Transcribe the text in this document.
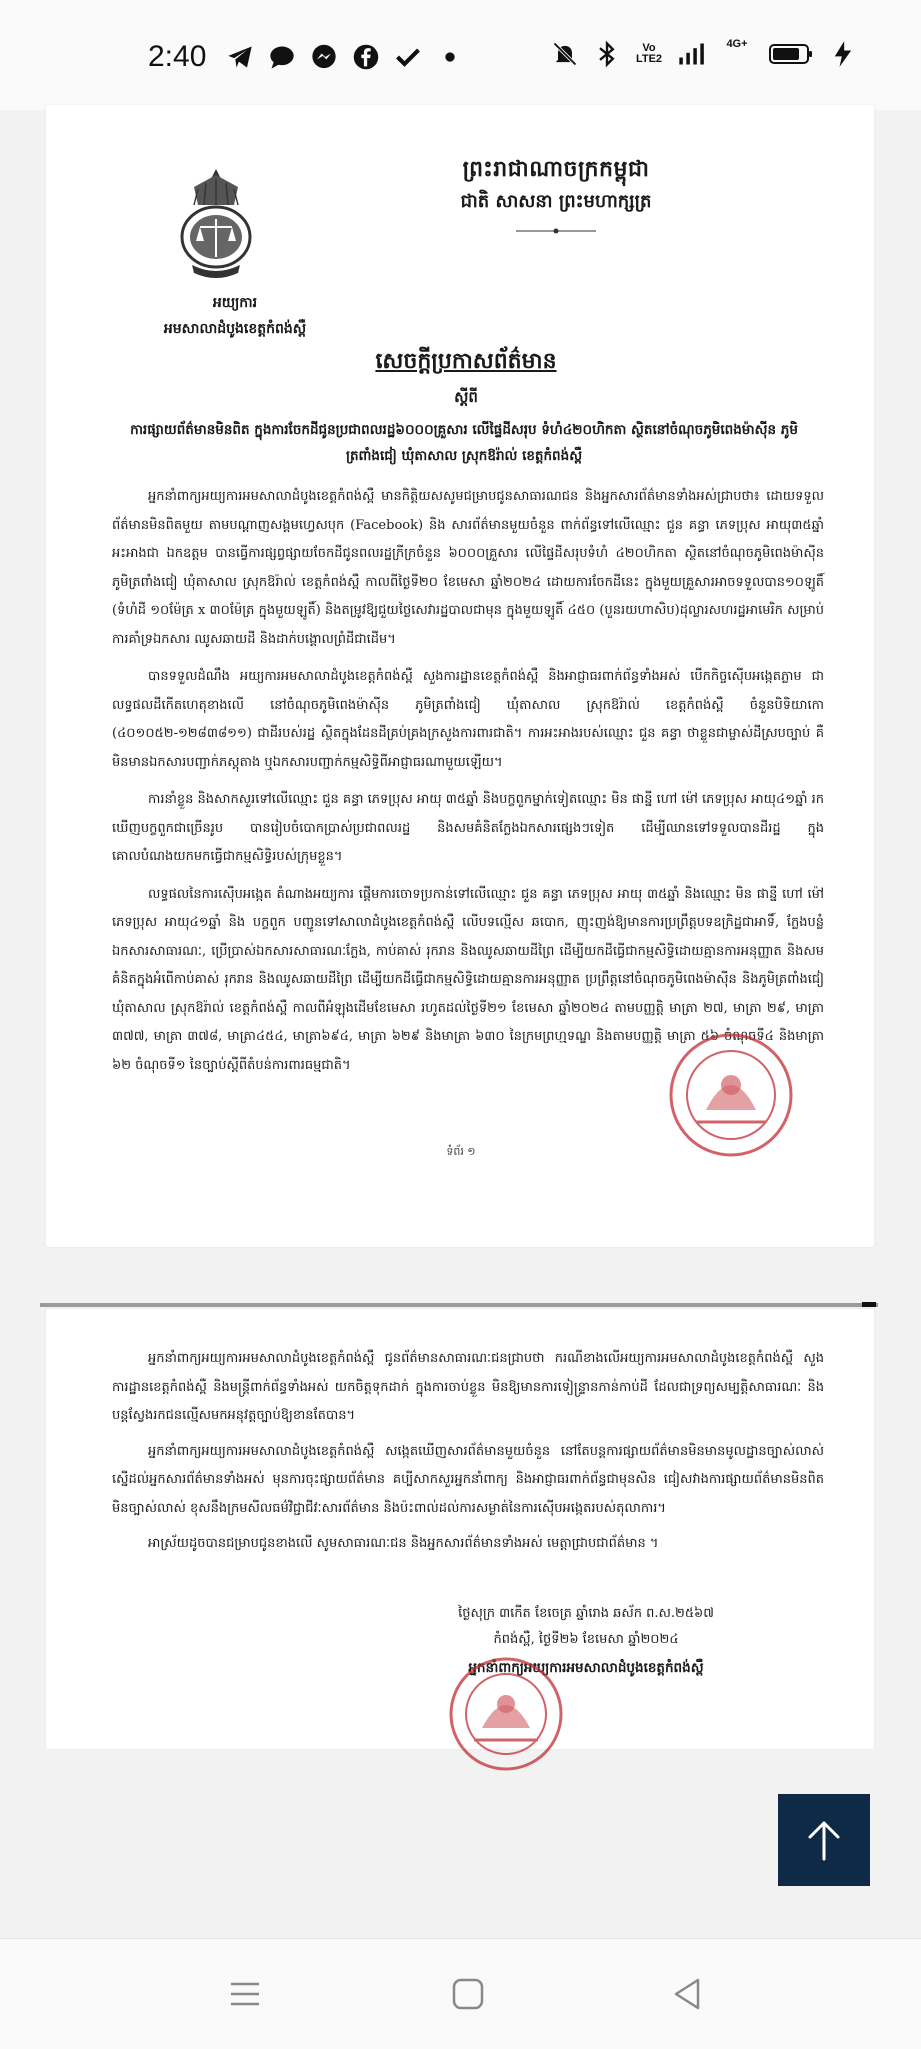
2:40	Vo
LTE2
4G+
ព្រះរាជាណាចក្រកម្ពុជា
ជាតិ សាសនា ព្រះមហាក្សត្រ
អយ្យការ
អមសាលាដំបូងខេត្តកំពង់ស្ពឺ
សេចក្ដីប្រកាសព័ត៌មាន
ស្ដីពី
ការផ្សាយព័ត៌មានមិនពិត ក្នុងការចែកដីជូនប្រជាពលរដ្ឋ៦០០០គ្រួសារ លើផ្ទៃដីសរុប ទំហំ៤២០ហិកតា ស្ថិតនៅចំណុចភូមិពេងម៉ាស៊ីន ភូមិត្រពាំងជៀ ឃុំតាសាល ស្រុកឱរ៉ាល់ ខេត្តកំពង់ស្ពឺ

អ្នកនាំពាក្យអយ្យការអមសាលាដំបូងខេត្តកំពង់ស្ពឺ មានកិត្តិយសសូមជម្រាបជូនសាធារណជន និងអ្នកសារព័ត៌មានទាំងអស់ជ្រាបថា៖ ដោយទទួលព័ត៌មានមិនពិតមួយ តាមបណ្ដាញសង្គមហ្វេសបុក (Facebook) និង សារព័ត៌មានមួយចំនួន ពាក់ព័ន្ធទៅលើឈ្មោះ ជួន គន្ធា ភេទប្រុស អាយុ៣៥ឆ្នាំ អះអាងជា ឯកឧត្តម បានធ្វើការផ្សព្វផ្សាយចែកដីជូនពលរដ្ឋក្រីក្រចំនួន ៦០០០គ្រួសារ លើផ្ទៃដីសរុបទំហំ ៤២០ហិកតា ស្ថិតនៅចំណុចភូមិពេងម៉ាស៊ីន ភូមិត្រពាំងជៀ ឃុំតាសាល ស្រុកឱរ៉ាល់ ខេត្តកំពង់ស្ពឺ កាលពីថ្ងៃទី២០ ខែមេសា ឆ្នាំ២០២៤ ដោយការចែកដីនេះ ក្នុងមួយគ្រួសារអាចទទួលបាន១០ឡូតិ៍ (ទំហំដី ១០ម៉ែត្រ x ៣០ម៉ែត្រ ក្នុងមួយឡូតិ៍) និងតម្រូវឱ្យជួយថ្លៃសេវារដ្ឋបាលជាមុន ក្នុងមួយឡូតិ៍ ៤៥០ (បួនរយហាសិប)ដុល្លារសហរដ្ឋអាមេរិក សម្រាប់ការគាំទ្រឯកសារ ឈូសឆាយដី និងដាក់បង្គោលព្រំដីជាដើម។

បានទទួលដំណឹង អយ្យការអមសាលាដំបូងខេត្តកំពង់ស្ពឺ សួងការដ្ឋានខេត្តកំពង់ស្ពឺ និងអាជ្ញាធរពាក់ព័ន្ធទាំងអស់ បើកកិច្ចស៊ើបអង្កេតភ្លាម ជាលទ្ធផលដីកើតហេតុខាងលើ នៅចំណុចភូមិពេងម៉ាស៊ីន ភូមិត្រពាំងជៀ ឃុំតាសាល ស្រុកឱរ៉ាល់ ខេត្តកំពង់ស្ពឺ ចំនួនបិទិយាកោ (៤០១០៥២-១២៨៣៨១១) ជាដីរបស់រដ្ឋ ស្ថិតក្នុងដែនដីគ្រប់គ្រងក្រសួងការពារជាតិ។ ការអះអាងរបស់ឈ្មោះ ជួន គន្ធា ថាខ្លួនជាម្ចាស់ដីស្របច្បាប់ គឺមិនមានឯកសារបញ្ជាក់ភស្តុតាង ឬឯកសារបញ្ជាក់កម្មសិទ្ធិពីអាជ្ញាធរណាមួយឡើយ។

ការនាំខ្លួន និងសាកសួរទៅលើឈ្មោះ ជួន គន្ធា ភេទប្រុស អាយុ ៣៥ឆ្នាំ និងបក្ខពួកម្នាក់ទៀតឈ្មោះ មិន ផាន្នី ហៅ ម៉ៅ ភេទប្រុស អាយុ៤១ឆ្នាំ រកឃើញបក្ខពួកជាច្រើនរូប បានរៀបចំបោកប្រាស់ប្រជាពលរដ្ឋ និងសមគំនិតក្លែងឯកសារផ្សេងៗទៀត ដើម្បីឈានទៅទទួលបានដីរដ្ឋ ក្នុងគោលបំណងយកមកធ្វើជាកម្មសិទ្ធិរបស់ក្រុមខ្លួន។

លទ្ធផលនៃការស៊ើបអង្កេត តំណាងអយ្យការ ផ្ដើមការចោទប្រកាន់ទៅលើឈ្មោះ ជួន គន្ធា ភេទប្រុស អាយុ ៣៥ឆ្នាំ និងឈ្មោះ មិន ផាន្នី ហៅ ម៉ៅ ភេទប្រុស អាយុ៤១ឆ្នាំ និង បក្ខពួក បញ្ជូនទៅសាលាដំបូងខេត្តកំពង់ស្ពឺ លើបទល្មើស ឆបោក, ញុះញង់ឱ្យមានការប្រព្រឹត្តបទឧក្រិដ្ឋជាអាទិ៍, ក្លែងបន្លំឯកសារសាធារណៈ, ប្រើប្រាស់ឯកសារសាធារណៈក្លែង, កាប់គាស់ រុករាន និងឈូសឆាយដីព្រៃ ដើម្បីយកដីធ្វើជាកម្មសិទ្ធិដោយគ្មានការអនុញ្ញាត និងសមគំនិតក្នុងអំពើកាប់គាស់ រុករាន និងឈូសឆាយដីព្រៃ ដើម្បីយកដីធ្វើជាកម្មសិទ្ធិដោយគ្មានការអនុញ្ញាត ប្រព្រឹត្តនៅចំណុចភូមិពេងម៉ាស៊ីន និងភូមិត្រពាំងជៀ ឃុំតាសាល ស្រុកឱរ៉ាល់ ខេត្តកំពង់ស្ពឺ កាលពីអំឡុងដើមខែមេសា រហូតដល់ថ្ងៃទី២១ ខែមេសា ឆ្នាំ២០២៤ តាមបញ្ញត្តិ មាត្រា ២៧, មាត្រា ២៩, មាត្រា ៣៧៧, មាត្រា ៣៧៨, មាត្រា៤៥៤, មាត្រា៦៩៤, មាត្រា ៦២៩ និងមាត្រា ៦៣០ នៃក្រមព្រហ្មទណ្ឌ និងតាមបញ្ញត្តិ មាត្រា ៥៦ ចំណុចទី៤ និងមាត្រា ៦២ ចំណុចទី១ នៃច្បាប់ស្ដីពីតំបន់ការពារធម្មជាតិ។

ទំព័រ ១

អ្នកនាំពាក្យអយ្យការអមសាលាដំបូងខេត្តកំពង់ស្ពឺ ជូនព័ត៌មានសាធារណៈជនជ្រាបថា ករណីខាងលើអយ្យការអមសាលាដំបូងខេត្តកំពង់ស្ពឺ សួងការដ្ឋានខេត្តកំពង់ស្ពឺ និងមន្ត្រីពាក់ព័ន្ធទាំងអស់ យកចិត្តទុកដាក់ ក្នុងការចាប់ខ្លួន មិនឱ្យមានការទៀន្ទ្រានកាន់កាប់ដី ដែលជាទ្រព្យសម្បត្តិសាធារណៈ និងបន្តស្វែងរកជនល្មើសមកអនុវត្តច្បាប់ឱ្យខានតែបាន។

អ្នកនាំពាក្យអយ្យការអមសាលាដំបូងខេត្តកំពង់ស្ពឺ សង្កេតឃើញសារព័ត៌មានមួយចំនួន នៅតែបន្តការផ្សាយព័ត៌មានមិនមានមូលដ្ឋានច្បាស់លាស់ ស្នើដល់អ្នកសារព័ត៌មានទាំងអស់ មុនការចុះផ្សាយព័ត៌មាន គប្បីសាកសួរអ្នកនាំពាក្យ និងអាជ្ញាធរពាក់ព័ន្ធជាមុនសិន ជៀសវាងការផ្សាយព័ត៌មានមិនពិត មិនច្បាស់លាស់ ខុសនឹងក្រមសីលធម៌វិជ្ជាជីវៈសារព័ត៌មាន និងប៉ះពាល់ដល់ការសម្ងាត់នៃការស៊ើបអង្កេតរបស់តុលាការ។

អាស្រ័យដូចបានជម្រាបជូនខាងលើ សូមសាធារណៈជន និងអ្នកសារព័ត៌មានទាំងអស់ មេត្តាជ្រាបជាព័ត៌មាន ។

ថ្ងៃសុក្រ ៣កើត ខែចេត្រ ឆ្នាំរោង ឆស័ក ព.ស.២៥៦៧
កំពង់ស្ពឺ, ថ្ងៃទី២៦ ខែមេសា ឆ្នាំ២០២៤
អ្នកនាំពាក្យអយ្យការអមសាលាដំបូងខេត្តកំពង់ស្ពឺ
